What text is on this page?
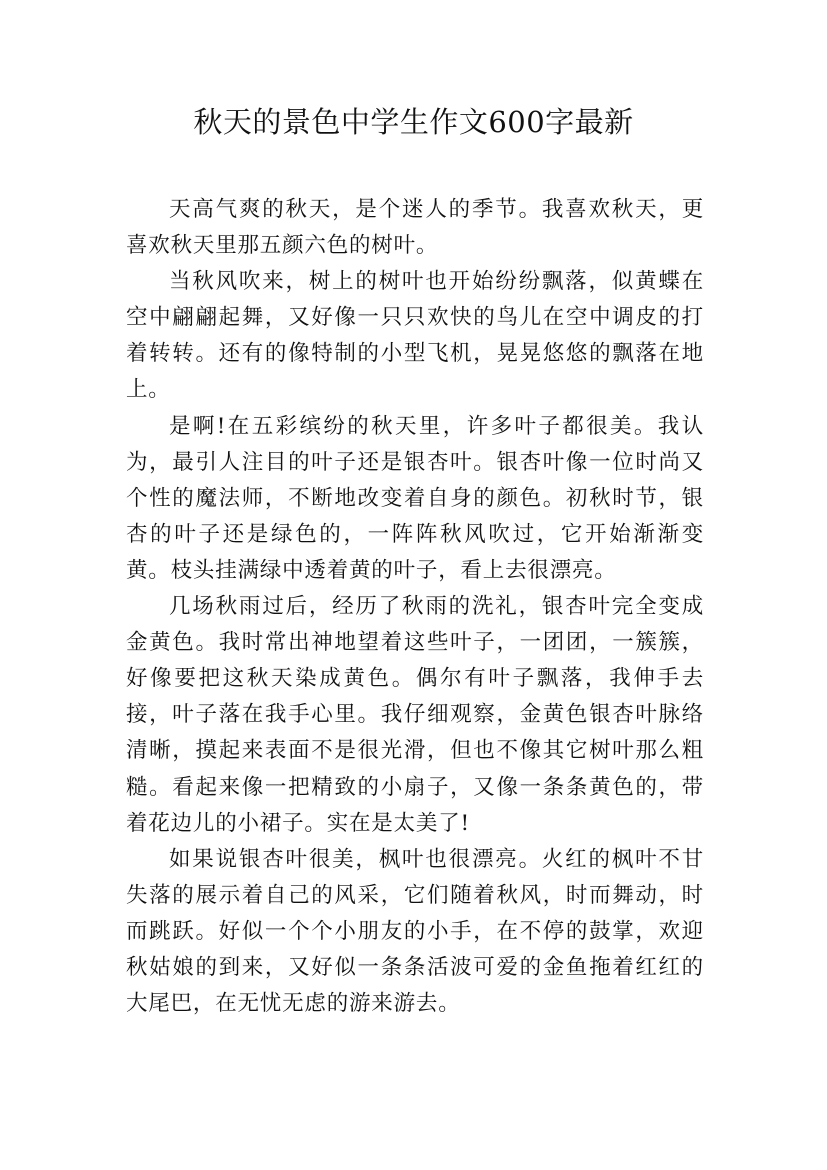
秋天的景色中学生作文600字最新

天高气爽的秋天，是个迷人的季节。我喜欢秋天，更喜欢秋天里那五颜六色的树叶。

当秋风吹来，树上的树叶也开始纷纷飘落，似黄蝶在空中翩翩起舞，又好像一只只欢快的鸟儿在空中调皮的打着转转。还有的像特制的小型飞机，晃晃悠悠的飘落在地上。

是啊!在五彩缤纷的秋天里，许多叶子都很美。我认为，最引人注目的叶子还是银杏叶。银杏叶像一位时尚又个性的魔法师，不断地改变着自身的颜色。初秋时节，银杏的叶子还是绿色的，一阵阵秋风吹过，它开始渐渐变黄。枝头挂满绿中透着黄的叶子，看上去很漂亮。

几场秋雨过后，经历了秋雨的洗礼，银杏叶完全变成金黄色。我时常出神地望着这些叶子，一团团，一簇簇，好像要把这秋天染成黄色。偶尔有叶子飘落，我伸手去接，叶子落在我手心里。我仔细观察，金黄色银杏叶脉络清晰，摸起来表面不是很光滑，但也不像其它树叶那么粗糙。看起来像一把精致的小扇子，又像一条条黄色的，带着花边儿的小裙子。实在是太美了!

如果说银杏叶很美，枫叶也很漂亮。火红的枫叶不甘失落的展示着自己的风采，它们随着秋风，时而舞动，时而跳跃。好似一个个小朋友的小手，在不停的鼓掌，欢迎秋姑娘的到来，又好似一条条活波可爱的金鱼拖着红红的大尾巴，在无忧无虑的游来游去。
